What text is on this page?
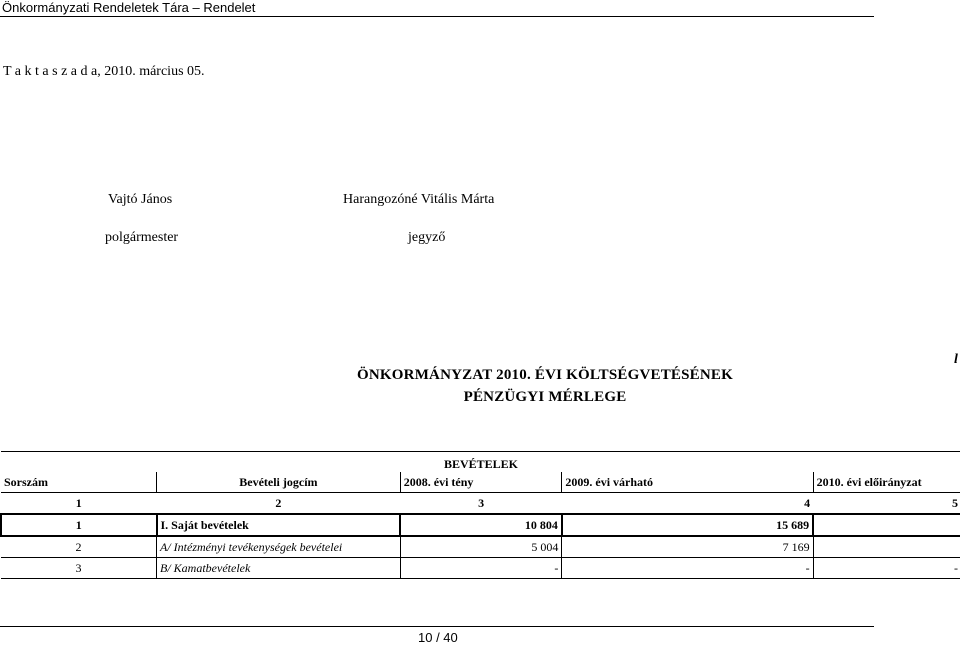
Önkormányzati Rendeletek Tára – Rendelet
T a k t a s z a d a, 2010. március 05.
Vajtó János
polgármester
Harangozóné Vitális Márta
jegyző
l
ÖNKORMÁNYZAT 2010. ÉVI KÖLTSÉGVETÉSÉNEK
PÉNZÜGYI MÉRLEGE
BEVÉTELEK				
Sorszám	Bevételi jogcím	2008. évi tény	2009. évi várható	2010. évi előirányzat
1	2	3	4	5
1	I. Saját bevételek	10 804	15 689	
2	A/ Intézményi tevékenységek bevételei	5 004	7 169	
3	B/ Kamatbevételek	-	-	-
10 / 40
